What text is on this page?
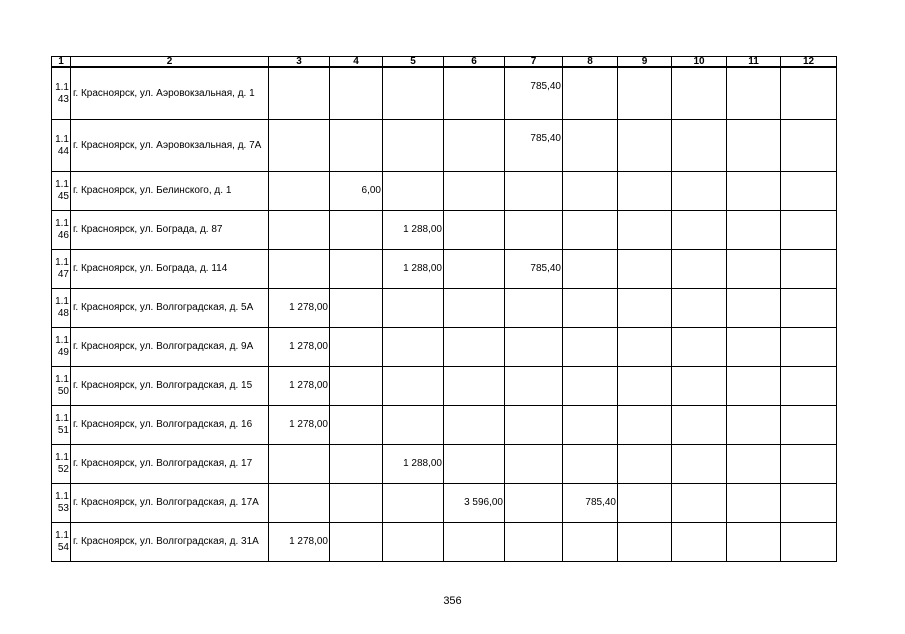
1	2	3	4	5	6	7	8	9	10	11	12
1.1
43	г. Красноярск, ул. Аэровокзальная, д. 1					785,40					
1.1
44	г. Красноярск, ул. Аэровокзальная, д. 7А					785,40					
1.1
45	г. Красноярск, ул. Белинского, д. 1		6,00								
1.1
46	г. Красноярск, ул. Бограда, д. 87			1 288,00							
1.1
47	г. Красноярск, ул. Бограда, д. 114			1 288,00		785,40					
1.1
48	г. Красноярск, ул. Волгоградская, д. 5А	1 278,00									
1.1
49	г. Красноярск, ул. Волгоградская, д. 9А	1 278,00									
1.1
50	г. Красноярск, ул. Волгоградская, д. 15	1 278,00									
1.1
51	г. Красноярск, ул. Волгоградская, д. 16	1 278,00									
1.1
52	г. Красноярск, ул. Волгоградская, д. 17			1 288,00							
1.1
53	г. Красноярск, ул. Волгоградская, д. 17А				3 596,00		785,40				
1.1
54	г. Красноярск, ул. Волгоградская, д. 31А	1 278,00									
356
